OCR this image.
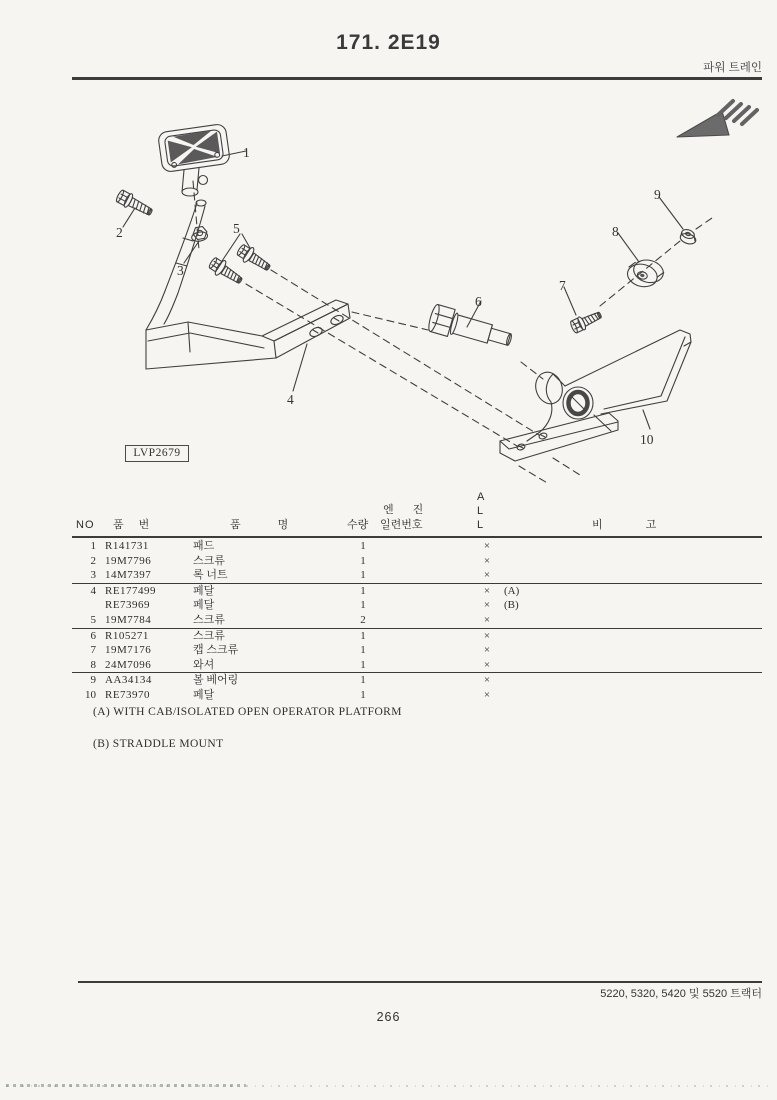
171. 2E19
파워 트레인
1
2
3
4
5
6
7
8
9
10
LVP2679
NO 품 번	품 명	수량
엔 진
일련번호
A
L
L	비 고
1	R141731	패드	1		×	
2	19M7796	스크류	1		×	
3	14M7397	록 너트	1		×	
4	RE177499	페달	1		×	(A)
	RE73969	페달	1		×	(B)
5	19M7784	스크류	2		×	
6	R105271	스크류	1		×	
7	19M7176	캡 스크류	1		×	
8	24M7096	와셔	1		×	
9	AA34134	볼 베어링	1		×	
10	RE73970	페달	1		×	
(A) WITH CAB/ISOLATED OPEN OPERATOR PLATFORM
(B) STRADDLE MOUNT
5220, 5320, 5420 및 5520 트랙터
266
